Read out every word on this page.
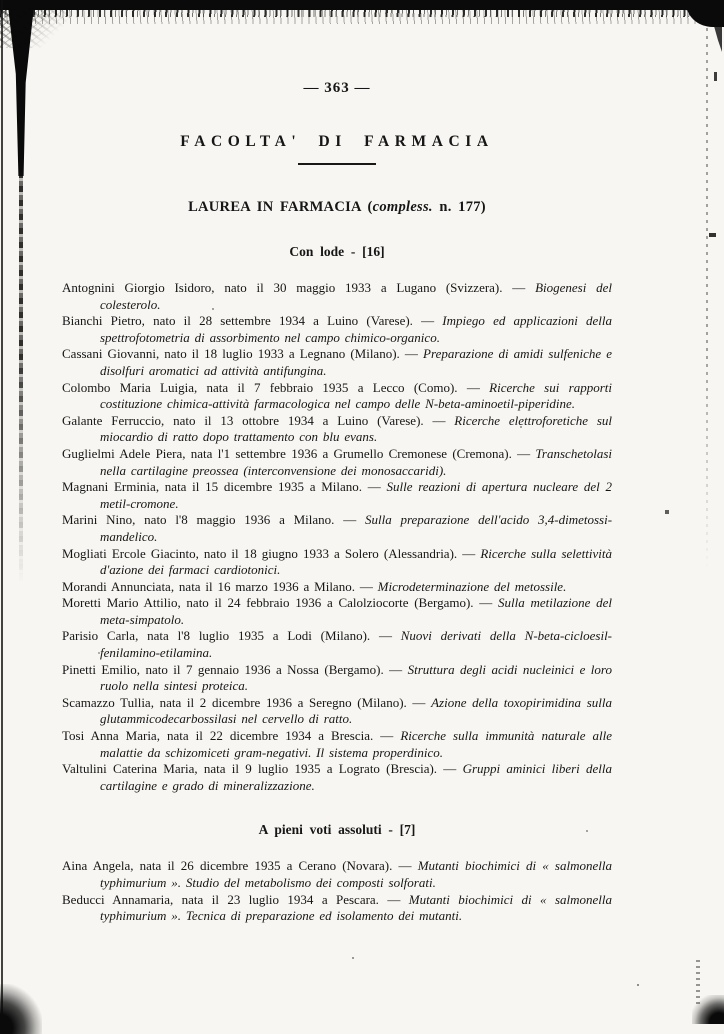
— 363 —
FACOLTA' DI FARMACIA
LAUREA IN FARMACIA (compless. n. 177)
Con lode - [16]

Antognini Giorgio Isidoro, nato il 30 maggio 1933 a Lugano (Svizzera). — Biogenesi del colesterolo.

Bianchi Pietro, nato il 28 settembre 1934 a Luino (Varese). — Impiego ed applicazioni della spettrofotometria di assorbimento nel campo chimico-organico.

Cassani Giovanni, nato il 18 luglio 1933 a Legnano (Milano). — Preparazione di amidi sulfeniche e disolfuri aromatici ad attività antifungina.

Colombo Maria Luigia, nata il 7 febbraio 1935 a Lecco (Como). — Ricerche sui rapporti costituzione chimica-attività farmacologica nel campo delle N-beta-aminoetil-piperidine.

Galante Ferruccio, nato il 13 ottobre 1934 a Luino (Varese). — Ricerche elettroforetiche sul miocardio di ratto dopo trattamento con blu evans.

Guglielmi Adele Piera, nata l'1 settembre 1936 a Grumello Cremonese (Cremona). — Transchetolasi nella cartilagine preossea (interconvensione dei monosaccaridi).

Magnani Erminia, nata il 15 dicembre 1935 a Milano. — Sulle reazioni di apertura nucleare del 2 metil-cromone.

Marini Nino, nato l'8 maggio 1936 a Milano. — Sulla preparazione dell'acido 3,4-dimetossi-mandelico.

Mogliati Ercole Giacinto, nato il 18 giugno 1933 a Solero (Alessandria). — Ricerche sulla selettività d'azione dei farmaci cardiotonici.

Morandi Annunciata, nata il 16 marzo 1936 a Milano. — Microdeterminazione del metossile.

Moretti Mario Attilio, nato il 24 febbraio 1936 a Calolziocorte (Bergamo). — Sulla metilazione del meta-simpatolo.

Parisio Carla, nata l'8 luglio 1935 a Lodi (Milano). — Nuovi derivati della N-beta-cicloesil-fenilamino-etilamina.

Pinetti Emilio, nato il 7 gennaio 1936 a Nossa (Bergamo). — Struttura degli acidi nucleinici e loro ruolo nella sintesi proteica.

Scamazzo Tullia, nata il 2 dicembre 1936 a Seregno (Milano). — Azione della toxopirimidina sulla glutammicodecarbossilasi nel cervello di ratto.

Tosi Anna Maria, nata il 22 dicembre 1934 a Brescia. — Ricerche sulla immunità naturale alle malattie da schizomiceti gram-negativi. Il sistema properdinico.

Valtulini Caterina Maria, nata il 9 luglio 1935 a Lograto (Brescia). — Gruppi aminici liberi della cartilagine e grado di mineralizzazione.

A pieni voti assoluti - [7]

Aina Angela, nata il 26 dicembre 1935 a Cerano (Novara). — Mutanti biochimici di « salmonella typhimurium ». Studio del metabolismo dei composti solforati.

Beducci Annamaria, nata il 23 luglio 1934 a Pescara. — Mutanti biochimici di « salmonella typhimurium ». Tecnica di preparazione ed isolamento dei mutanti.
